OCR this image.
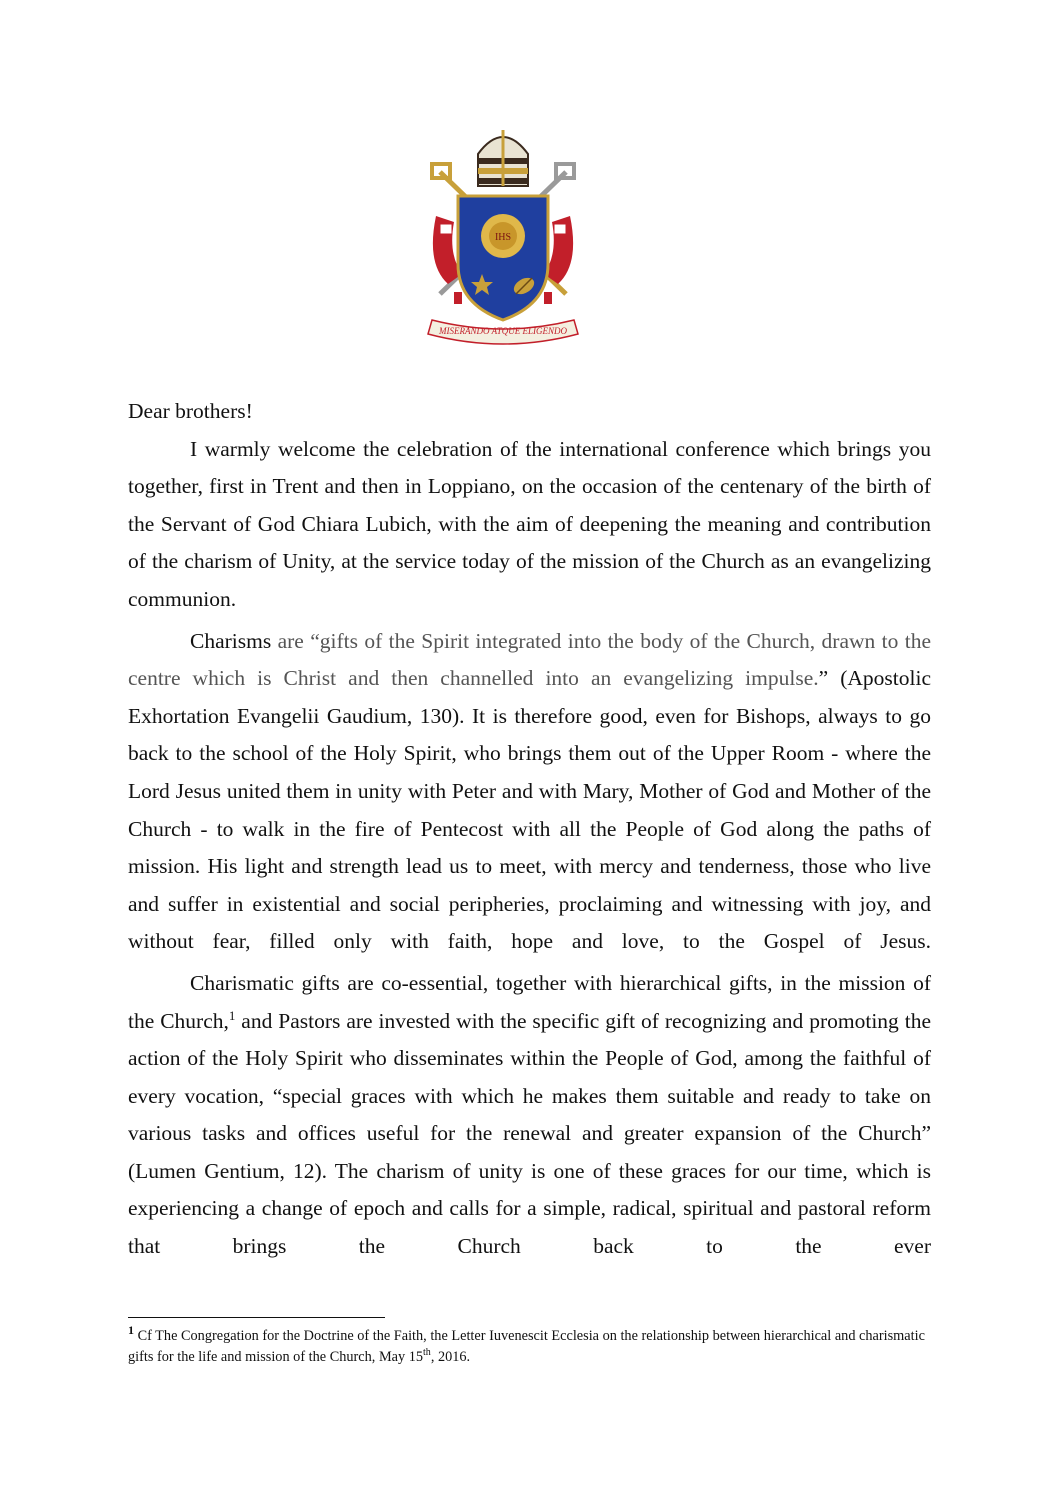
IHS
MISERANDO ATQUE ELIGENDO

Dear brothers!

I warmly welcome the celebration of the international conference which brings you together, first in Trent and then in Loppiano, on the occasion of the centenary of the birth of the Servant of God Chiara Lubich, with the aim of deepening the meaning and contribution of the charism of Unity, at the service today of the mission of the Church as an evangelizing communion.

Charisms are “gifts of the Spirit integrated into the body of the Church, drawn to the centre which is Christ and then channelled into an evangelizing impulse.” (Apostolic Exhortation Evangelii Gaudium, 130). It is therefore good, even for Bishops, always to go back to the school of the Holy Spirit, who brings them out of the Upper Room - where the Lord Jesus united them in unity with Peter and with Mary, Mother of God and Mother of the Church - to walk in the fire of Pentecost with all the People of God along the paths of mission. His light and strength lead us to meet, with mercy and tenderness, those who live and suffer in existential and social peripheries, proclaiming and witnessing with joy, and without fear, filled only with faith, hope and love, to the Gospel of Jesus.

Charismatic gifts are co-essential, together with hierarchical gifts, in the mission of the Church,$^1$ and Pastors are invested with the specific gift of recognizing and promoting the action of the Holy Spirit who disseminates within the People of God, among the faithful of every vocation, “special graces with which he makes them suitable and ready to take on various tasks and offices useful for the renewal and greater expansion of the Church” (Lumen Gentium, 12). The charism of unity is one of these graces for our time, which is experiencing a change of epoch and calls for a simple, radical, spiritual and pastoral reform that brings the Church back to the ever

$^1$ Cf The Congregation for the Doctrine of the Faith, the Letter Iuvenescit Ecclesia on the relationship between hierarchical and charismatic gifts for the life and mission of the Church, May 15th, 2016.
